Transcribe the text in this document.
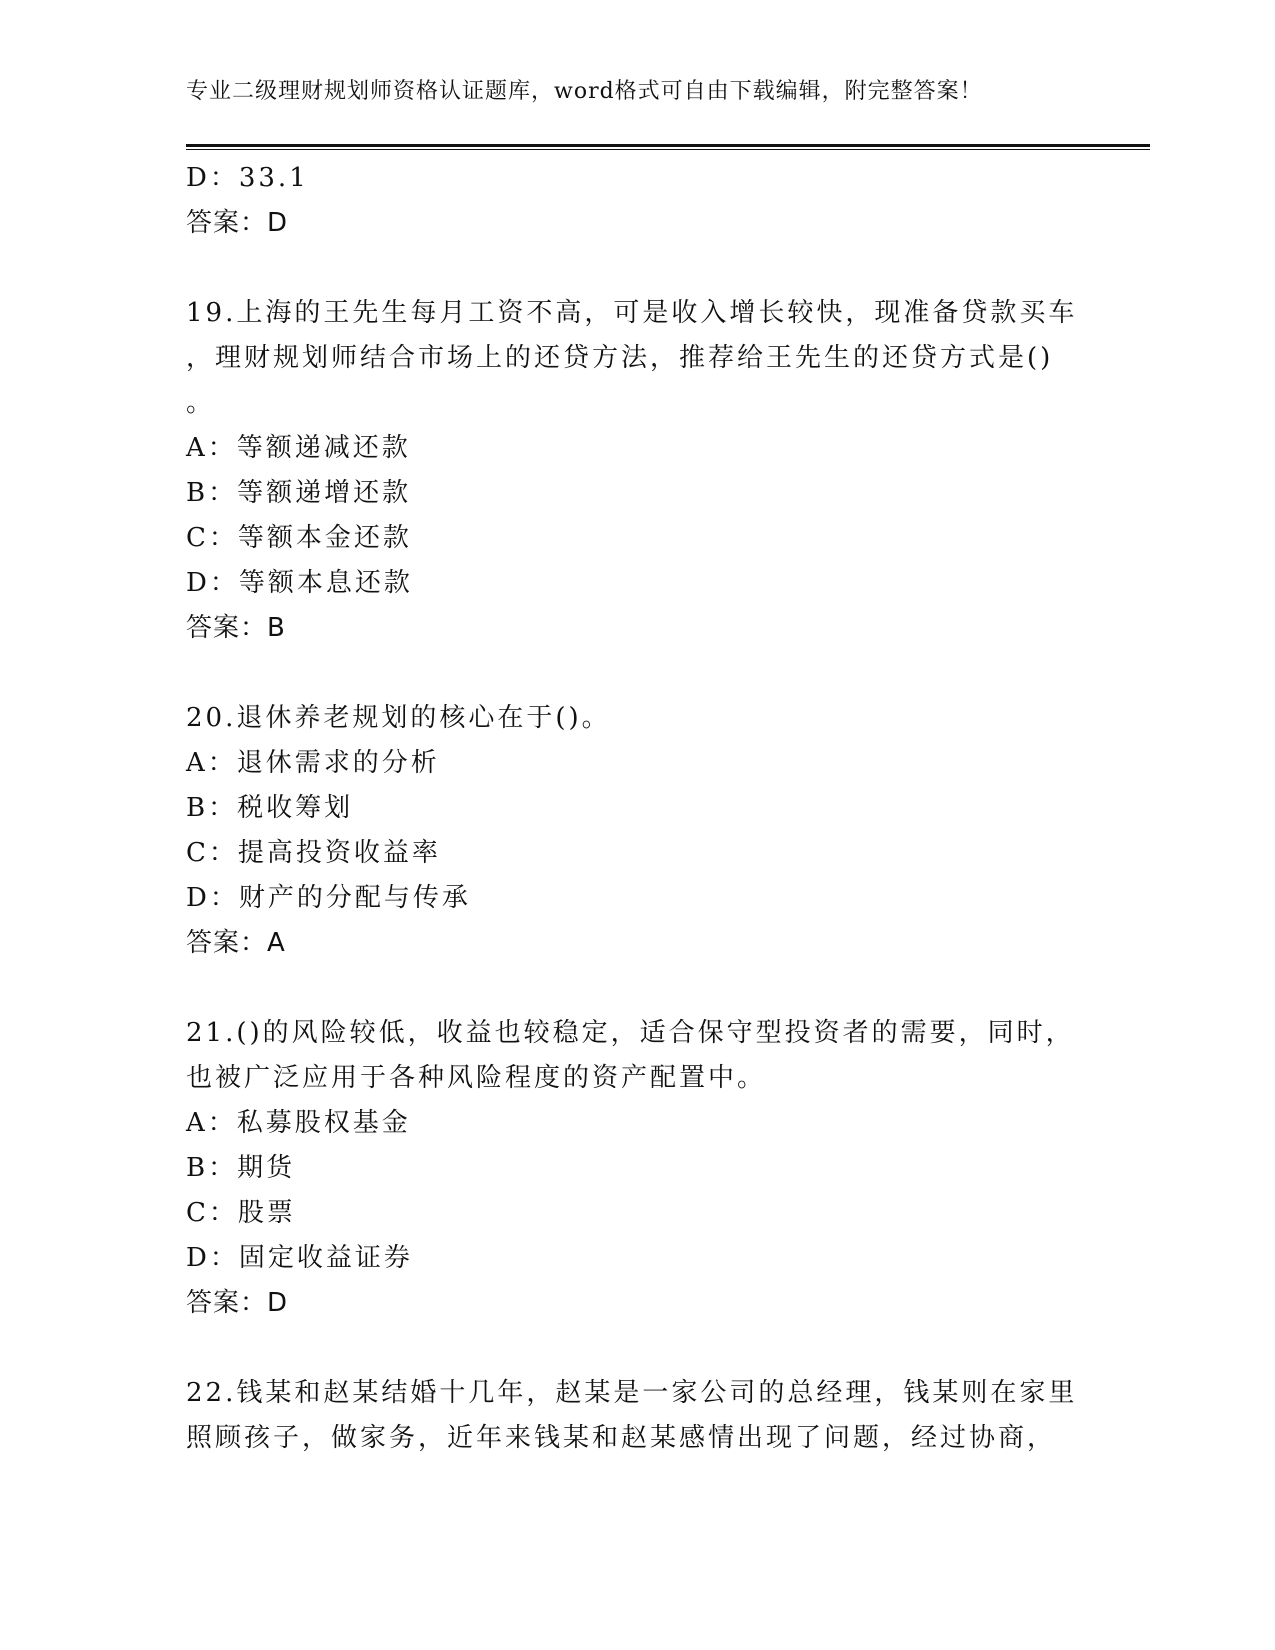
专业二级理财规划师资格认证题库，word格式可自由下载编辑，附完整答案！
D：33.1
答案：D
19.上海的王先生每月工资不高，可是收入增长较快，现准备贷款买车
，理财规划师结合市场上的还贷方法，推荐给王先生的还贷方式是()
。
A：等额递减还款
B：等额递增还款
C：等额本金还款
D：等额本息还款
答案：B
20.退休养老规划的核心在于()。
A：退休需求的分析
B：税收筹划
C：提高投资收益率
D：财产的分配与传承
答案：A
21.()的风险较低，收益也较稳定，适合保守型投资者的需要，同时，
也被广泛应用于各种风险程度的资产配置中。
A：私募股权基金
B：期货
C：股票
D：固定收益证券
答案：D
22.钱某和赵某结婚十几年，赵某是一家公司的总经理，钱某则在家里
照顾孩子，做家务，近年来钱某和赵某感情出现了问题，经过协商，
